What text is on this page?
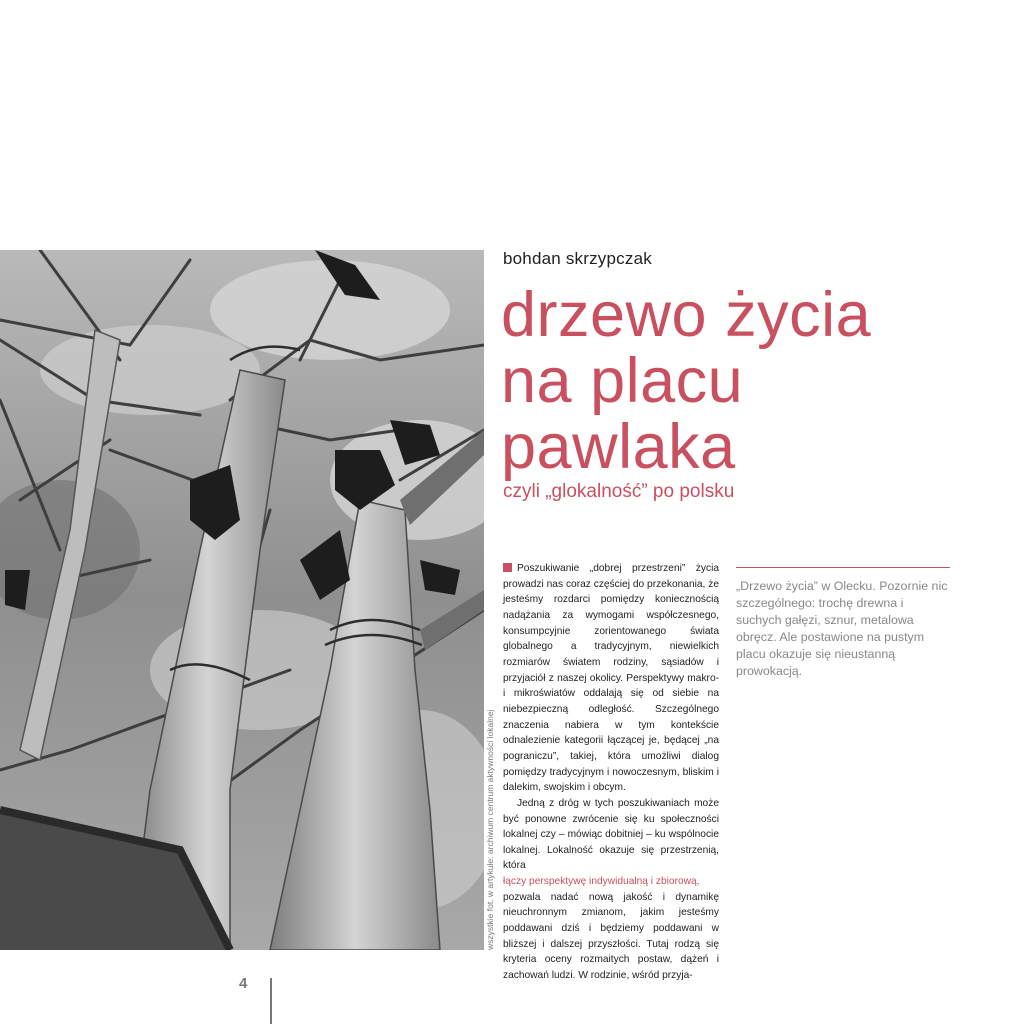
wszystkie fot. w artykule: archiwum centrum aktywności lokalnej
bohdan skrzypczak
drzewo życia
na placu
pawlaka
czyli „glokalność” po polsku

Poszukiwanie „dobrej przestrzeni” życia prowadzi nas coraz częściej do przekonania, że jesteśmy rozdarci pomiędzy koniecznością nadążania za wymogami współczesnego, konsumpcyjnie zorientowanego świata globalnego a tradycyjnym, niewielkich rozmiarów światem rodziny, sąsiadów i przyjaciół z naszej okolicy. Perspektywy makro- i mikroświatów oddalają się od siebie na niebezpieczną odległość. Szczególnego znaczenia nabiera w tym kontekście odnalezienie kategorii łączącej je, będącej „na pograniczu”, takiej, która umożliwi dialog pomiędzy tradycyjnym i nowoczesnym, bliskim i dalekim, swojskim i obcym.

Jedną z dróg w tych poszukiwaniach może być ponowne zwrócenie się ku społeczności lokalnej czy – mówiąc dobitniej – ku wspólnocie lokalnej. Lokalność okazuje się przestrzenią, która

łączy perspektywę indywidualną i zbiorową,

pozwala nadać nową jakość i dynamikę nieuchronnym zmianom, jakim jesteśmy poddawani dziś i będziemy poddawani w bliższej i dalszej przyszłości. Tutaj rodzą się kryteria oceny rozmaitych postaw, dążeń i zachowań ludzi. W rodzinie, wśród przyja-

„Drzewo życia” w Olecku. Pozornie nic szczególnego: trochę drewna i suchych gałęzi, sznur, metalowa obręcz. Ale postawione na pustym placu okazuje się nieustanną prowokacją.
4
